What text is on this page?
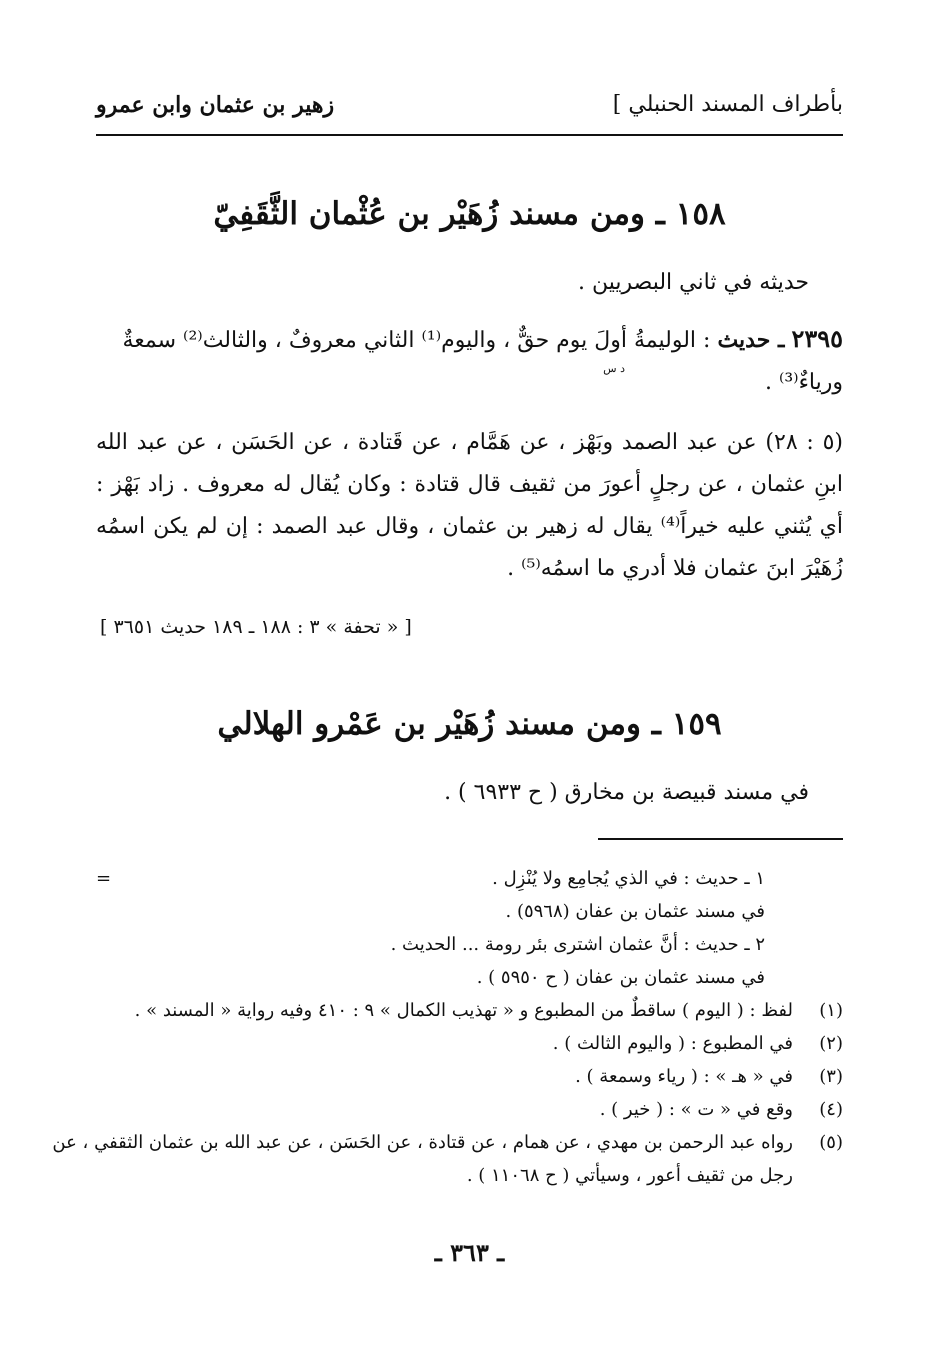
بأطراف المسند الحنبلي ]
زهير بن عثمان وابن عمرو
١٥٨ ـ ومن مسند زُهَيْر بن عُثْمان الثَّقَفِيّ
حديثه في ثاني البصريين .
٢٣٩٥ ـ حديث : الوليمةُ أولَ يوم حقٌّ ، واليوم⁽¹⁾ الثاني معروفٌ ، والثالث⁽²⁾ سمعةٌ ورياءٌ⁽³⁾ .
د س
(٥ : ٢٨) عن عبد الصمد وبَهْز ، عن هَمَّام ، عن قَتادة ، عن الحَسَن ، عن عبد الله ابنِ عثمان ، عن رجلٍ أعورَ من ثقيف قال قتادة : وكان يُقال له معروف . زاد بَهْز : أي يُثني عليه خيراً⁽⁴⁾ يقال له زهير بن عثمان ، وقال عبد الصمد : إن لم يكن اسمُه زُهَيْرَ ابنَ عثمان فلا أدري ما اسمُه⁽⁵⁾ .
[ « تحفة » ٣ : ١٨٨ ـ ١٨٩ حديث ٣٦٥١ ]
١٥٩ ـ ومن مسند زُهَيْر بن عَمْرو الهلالي
في مسند قبيصة بن مخارق ( ح ٦٩٣٣ ) .
=	١ ـ حديث : في الذي يُجامِع ولا يُنْزِل .
في مسند عثمان بن عفان (٥٩٦٨) .
٢ ـ حديث : أنَّ عثمان اشترى بئر رومة ... الحديث .
في مسند عثمان بن عفان ( ح ٥٩٥٠ ) .
(١)
لفظ : ( اليوم ) ساقطٌ من المطبوع و « تهذيب الكمال » ٩ : ٤١٠ وفيه رواية « المسند » .
(٢)
في المطبوع : ( واليوم الثالث ) .
(٣)
في « هـ » : ( رياء وسمعة ) .
(٤)
وقع في « ت » : ( خير ) .
(٥)
رواه عبد الرحمن بن مهدي ، عن همام ، عن قتادة ، عن الحَسَن ، عن عبد الله بن عثمان الثقفي ، عن
رجل من ثقيف أعور ، وسيأتي ( ح ١١٠٦٨ ) .
ـ ٣٦٣ ـ
